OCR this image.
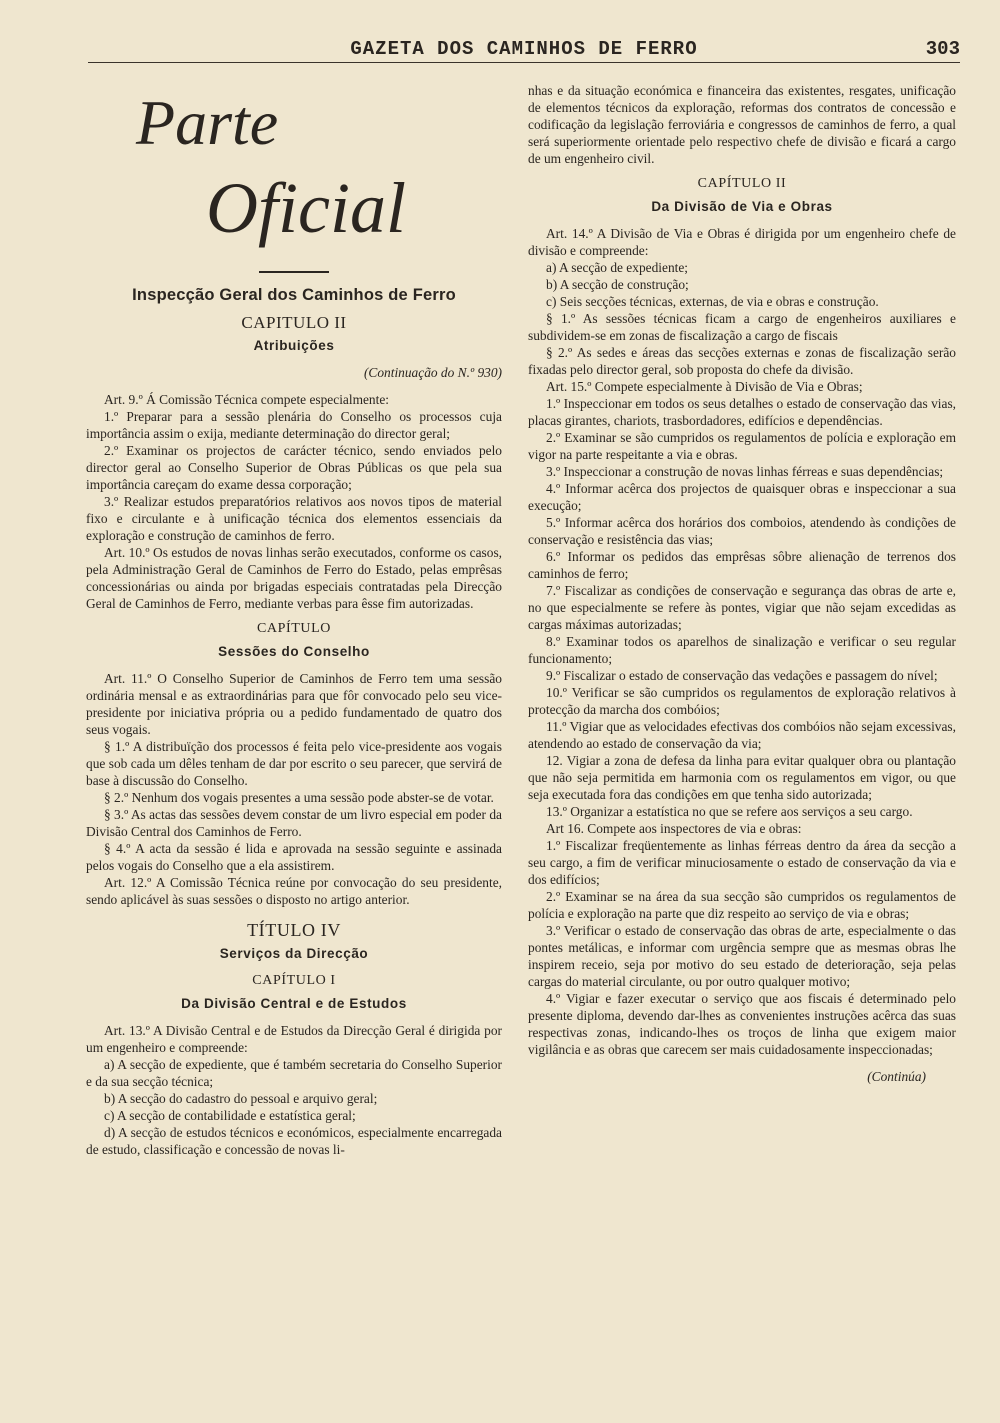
GAZETA DOS CAMINHOS DE FERRO	303
Parte
Oficial
Inspecção Geral dos Caminhos de Ferro
CAPITULO II
Atribuições
(Continuação do N.º 930)

Art. 9.º Á Comissão Técnica compete especialmente:

1.º Preparar para a sessão plenária do Conselho os processos cuja importância assim o exija, mediante determinação do director geral;

2.º Examinar os projectos de carácter técnico, sendo enviados pelo director geral ao Conselho Superior de Obras Públicas os que pela sua importância careçam do exame dessa corporação;

3.º Realizar estudos preparatórios relativos aos novos tipos de material fixo e circulante e à unificação técnica dos elementos essenciais da exploração e construção de caminhos de ferro.

Art. 10.º Os estudos de novas linhas serão executados, conforme os casos, pela Administração Geral de Caminhos de Ferro do Estado, pelas emprêsas concessionárias ou ainda por brigadas especiais contratadas pela Direcção Geral de Caminhos de Ferro, mediante verbas para êsse fim autorizadas.

CAPÍTULO
Sessões do Conselho

Art. 11.º O Conselho Superior de Caminhos de Ferro tem uma sessão ordinária mensal e as extraordinárias para que fôr convocado pelo seu vice-presidente por iniciativa própria ou a pedido fundamentado de quatro dos seus vogais.

§ 1.º A distribuïção dos processos é feita pelo vice-presidente aos vogais que sob cada um dêles tenham de dar por escrito o seu parecer, que servirá de base à discussão do Conselho.

§ 2.º Nenhum dos vogais presentes a uma sessão pode abster-se de votar.

§ 3.º As actas das sessões devem constar de um livro especial em poder da Divisão Central dos Caminhos de Ferro.

§ 4.º A acta da sessão é lida e aprovada na sessão seguinte e assinada pelos vogais do Conselho que a ela assistirem.

Art. 12.º A Comissão Técnica reúne por convocação do seu presidente, sendo aplicável às suas sessões o disposto no artigo anterior.

TÍTULO IV
Serviços da Direcção
CAPÍTULO I
Da Divisão Central e de Estudos

Art. 13.º A Divisão Central e de Estudos da Direcção Geral é dirigida por um engenheiro e compreende:

a) A secção de expediente, que é também secretaria do Conselho Superior e da sua secção técnica;

b) A secção do cadastro do pessoal e arquivo geral;

c) A secção de contabilidade e estatística geral;

d) A secção de estudos técnicos e económicos, especialmente encarregada de estudo, classificação e concessão de novas li-

nhas e da situação económica e financeira das existentes, resgates, unificação de elementos técnicos da exploração, reformas dos contratos de concessão e codificação da legislação ferroviária e congressos de caminhos de ferro, a qual será superiormente orientade pelo respectivo chefe de divisão e ficará a cargo de um engenheiro civil.

CAPÍTULO II
Da Divisão de Via e Obras

Art. 14.º A Divisão de Via e Obras é dirigida por um engenheiro chefe de divisão e compreende:

a) A secção de expediente;

b) A secção de construção;

c) Seis secções técnicas, externas, de via e obras e construção.

§ 1.º As sessões técnicas ficam a cargo de engenheiros auxiliares e subdividem-se em zonas de fiscalização a cargo de fiscais

§ 2.º As sedes e áreas das secções externas e zonas de fiscalização serão fixadas pelo director geral, sob proposta do chefe da divisão.

Art. 15.º Compete especialmente à Divisão de Via e Obras;

1.º Inspeccionar em todos os seus detalhes o estado de conservação das vias, placas girantes, chariots, trasbordadores, edifícios e dependências.

2.º Examinar se são cumpridos os regulamentos de polícia e exploração em vigor na parte respeitante a via e obras.

3.º Inspeccionar a construção de novas linhas férreas e suas dependências;

4.º Informar acêrca dos projectos de quaisquer obras e inspeccionar a sua execução;

5.º Informar acêrca dos horários dos comboios, atendendo às condições de conservação e resistência das vias;

6.º Informar os pedidos das emprêsas sôbre alienação de terrenos dos caminhos de ferro;

7.º Fiscalizar as condições de conservação e segurança das obras de arte e, no que especialmente se refere às pontes, vigiar que não sejam excedidas as cargas máximas autorizadas;

8.º Examinar todos os aparelhos de sinalização e verificar o seu regular funcionamento;

9.º Fiscalizar o estado de conservação das vedações e passagem do nível;

10.º Verificar se são cumpridos os regulamentos de exploração relativos à protecção da marcha dos combóios;

11.º Vigiar que as velocidades efectivas dos combóios não sejam excessivas, atendendo ao estado de conservação da via;

12. Vigiar a zona de defesa da linha para evitar qualquer obra ou plantação que não seja permitida em harmonia com os regulamentos em vigor, ou que seja executada fora das condições em que tenha sido autorizada;

13.º Organizar a estatística no que se refere aos serviços a seu cargo.

Art 16. Compete aos inspectores de via e obras:

1.º Fiscalizar freqüentemente as linhas férreas dentro da área da secção a seu cargo, a fim de verificar minuciosamente o estado de conservação da via e dos edifícios;

2.º Examinar se na área da sua secção são cumpridos os regulamentos de polícia e exploração na parte que diz respeito ao serviço de via e obras;

3.º Verificar o estado de conservação das obras de arte, especialmente o das pontes metálicas, e informar com urgência sempre que as mesmas obras lhe inspirem receio, seja por motivo do seu estado de deterioração, seja pelas cargas do material circulante, ou por outro qualquer motivo;

4.º Vigiar e fazer executar o serviço que aos fiscais é determinado pelo presente diploma, devendo dar-lhes as convenientes instruções acêrca das suas respectivas zonas, indicando-lhes os troços de linha que exigem maior vigilância e as obras que carecem ser mais cuidadosamente inspeccionadas;

(Continúa)
